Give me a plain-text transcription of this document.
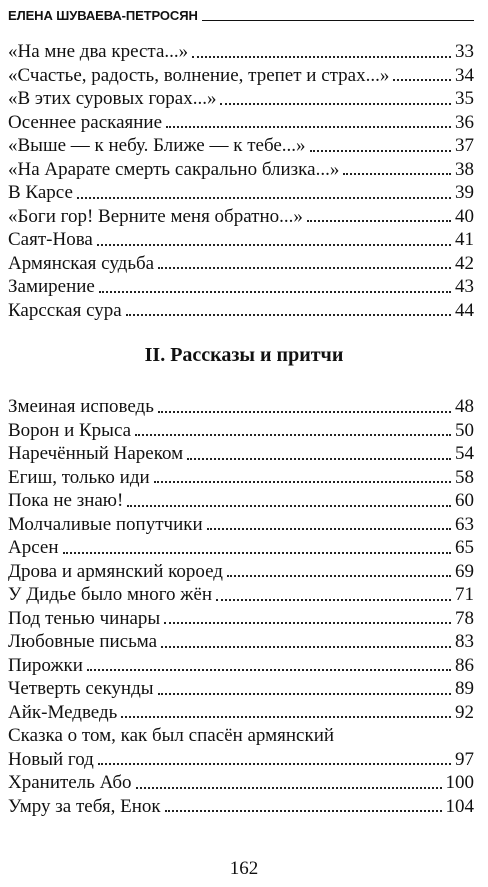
ЕЛЕНА ШУВАЕВА-ПЕТРОСЯН
«На мне два креста...»	33
«Счастье, радость, волнение, трепет и страх...»	34
«В этих суровых горах...»	35
Осеннее раскаяние	36
«Выше — к небу. Ближе — к тебе...»	37
«На Арарате смерть сакрально близка...»	38
В Карсе	39
«Боги гор! Верните меня обратно...»	40
Саят-Нова	41
Армянская судьба	42
Замирение	43
Карсская сура	44
II. Рассказы и притчи
Змеиная исповедь	48
Ворон и Крыса	50
Наречённый Нареком	54
Егиш, только иди	58
Пока не знаю!	60
Молчаливые попутчики	63
Арсен	65
Дрова и армянский короед	69
У Дидье было много жён	71
Под тенью чинары	78
Любовные письма	83
Пирожки	86
Четверть секунды	89
Айк-Медведь	92
Сказка о том, как был спасён армянский
Новый год	97
Хранитель Або	100
Умру за тебя, Енок	104
162
